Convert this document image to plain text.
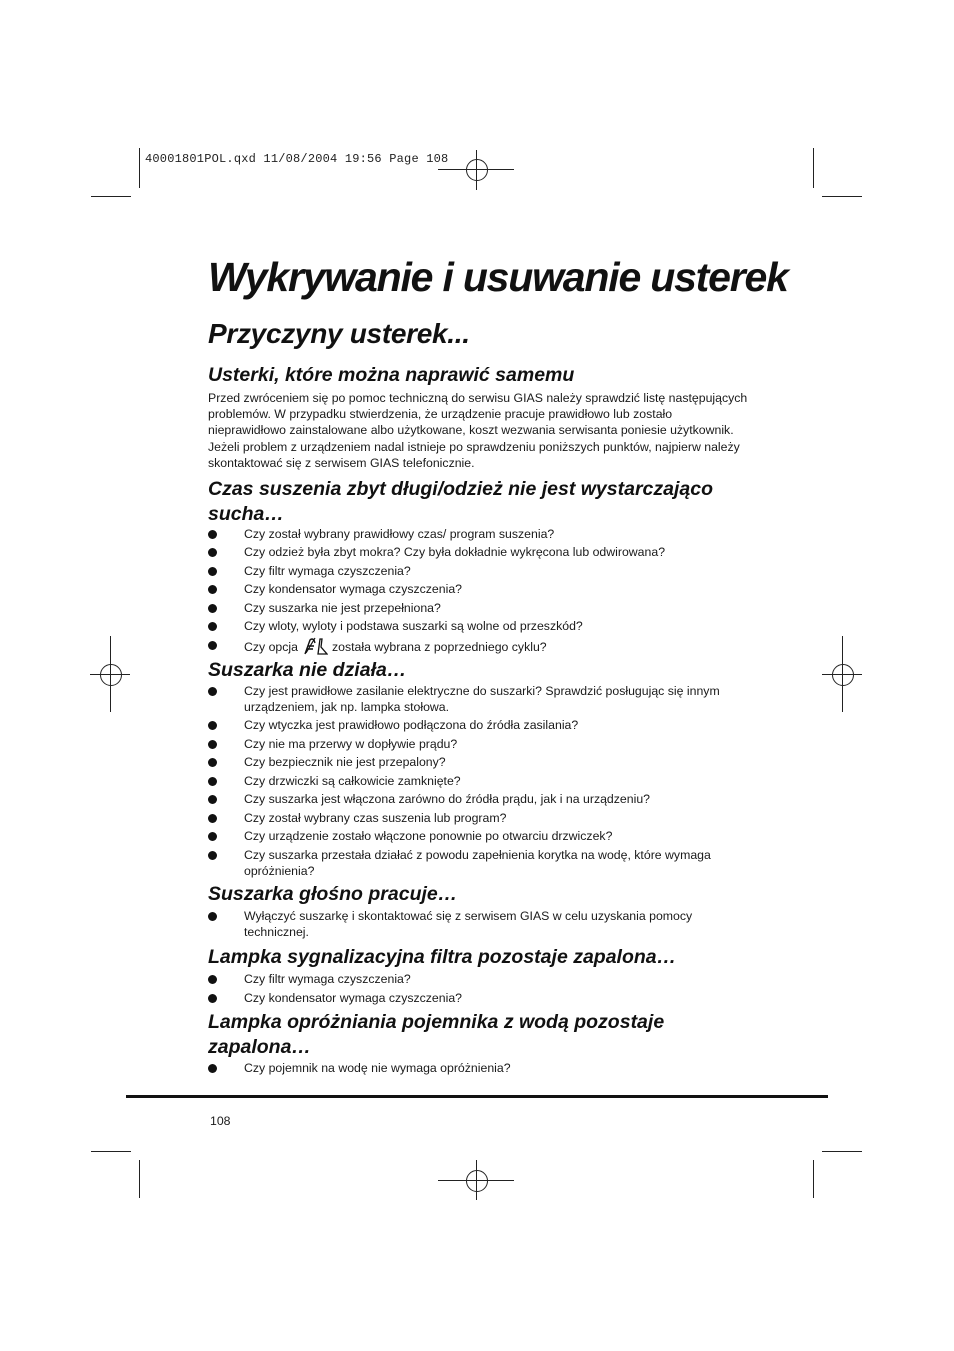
40001801POL.qxd 11/08/2004 19:56 Page 108
Wykrywanie i usuwanie usterek
Przyczyny usterek...
Usterki, które można naprawić samemu

Przed zwróceniem się po pomoc techniczną do serwisu GIAS należy sprawdzić listę następujących problemów. W przypadku stwierdzenia, że urządzenie pracuje prawidłowo lub zostało nieprawidłowo zainstalowane albo użytkowane, koszt wezwania serwisanta poniesie użytkownik. Jeżeli problem z urządzeniem nadal istnieje po sprawdzeniu poniższych punktów, najpierw należy skontaktować się z serwisem GIAS telefonicznie.

Czas suszenia zbyt długi/odzież nie jest wystarczająco sucha…
Czy został wybrany prawidłowy czas/ program suszenia?
Czy odzież była zbyt mokra? Czy była dokładnie wykręcona lub odwirowana?
Czy filtr wymaga czyszczenia?
Czy kondensator wymaga czyszczenia?
Czy suszarka nie jest przepełniona?
Czy wloty, wyloty i podstawa suszarki są wolne od przeszkód?
Czy opcja	została wybrana z poprzedniego cyklu?
Suszarka nie działa…
Czy jest prawidłowe zasilanie elektryczne do suszarki? Sprawdzić posługując się innym urządzeniem, jak np. lampka stołowa.
Czy wtyczka jest prawidłowo podłączona do źródła zasilania?
Czy nie ma przerwy w dopływie prądu?
Czy bezpiecznik nie jest przepalony?
Czy drzwiczki są całkowicie zamknięte?
Czy suszarka jest włączona zarówno do źródła prądu, jak i na urządzeniu?
Czy został wybrany czas suszenia lub program?
Czy urządzenie zostało włączone ponownie po otwarciu drzwiczek?
Czy suszarka przestała działać z powodu zapełnienia korytka na wodę, które wymaga opróżnienia?
Suszarka głośno pracuje…
Wyłączyć suszarkę i skontaktować się z serwisem GIAS w celu uzyskania pomocy technicznej.
Lampka sygnalizacyjna filtra pozostaje zapalona…
Czy filtr wymaga czyszczenia?
Czy kondensator wymaga czyszczenia?
Lampka opróżniania pojemnika z wodą pozostaje zapalona…
Czy pojemnik na wodę nie wymaga opróżnienia?
108
